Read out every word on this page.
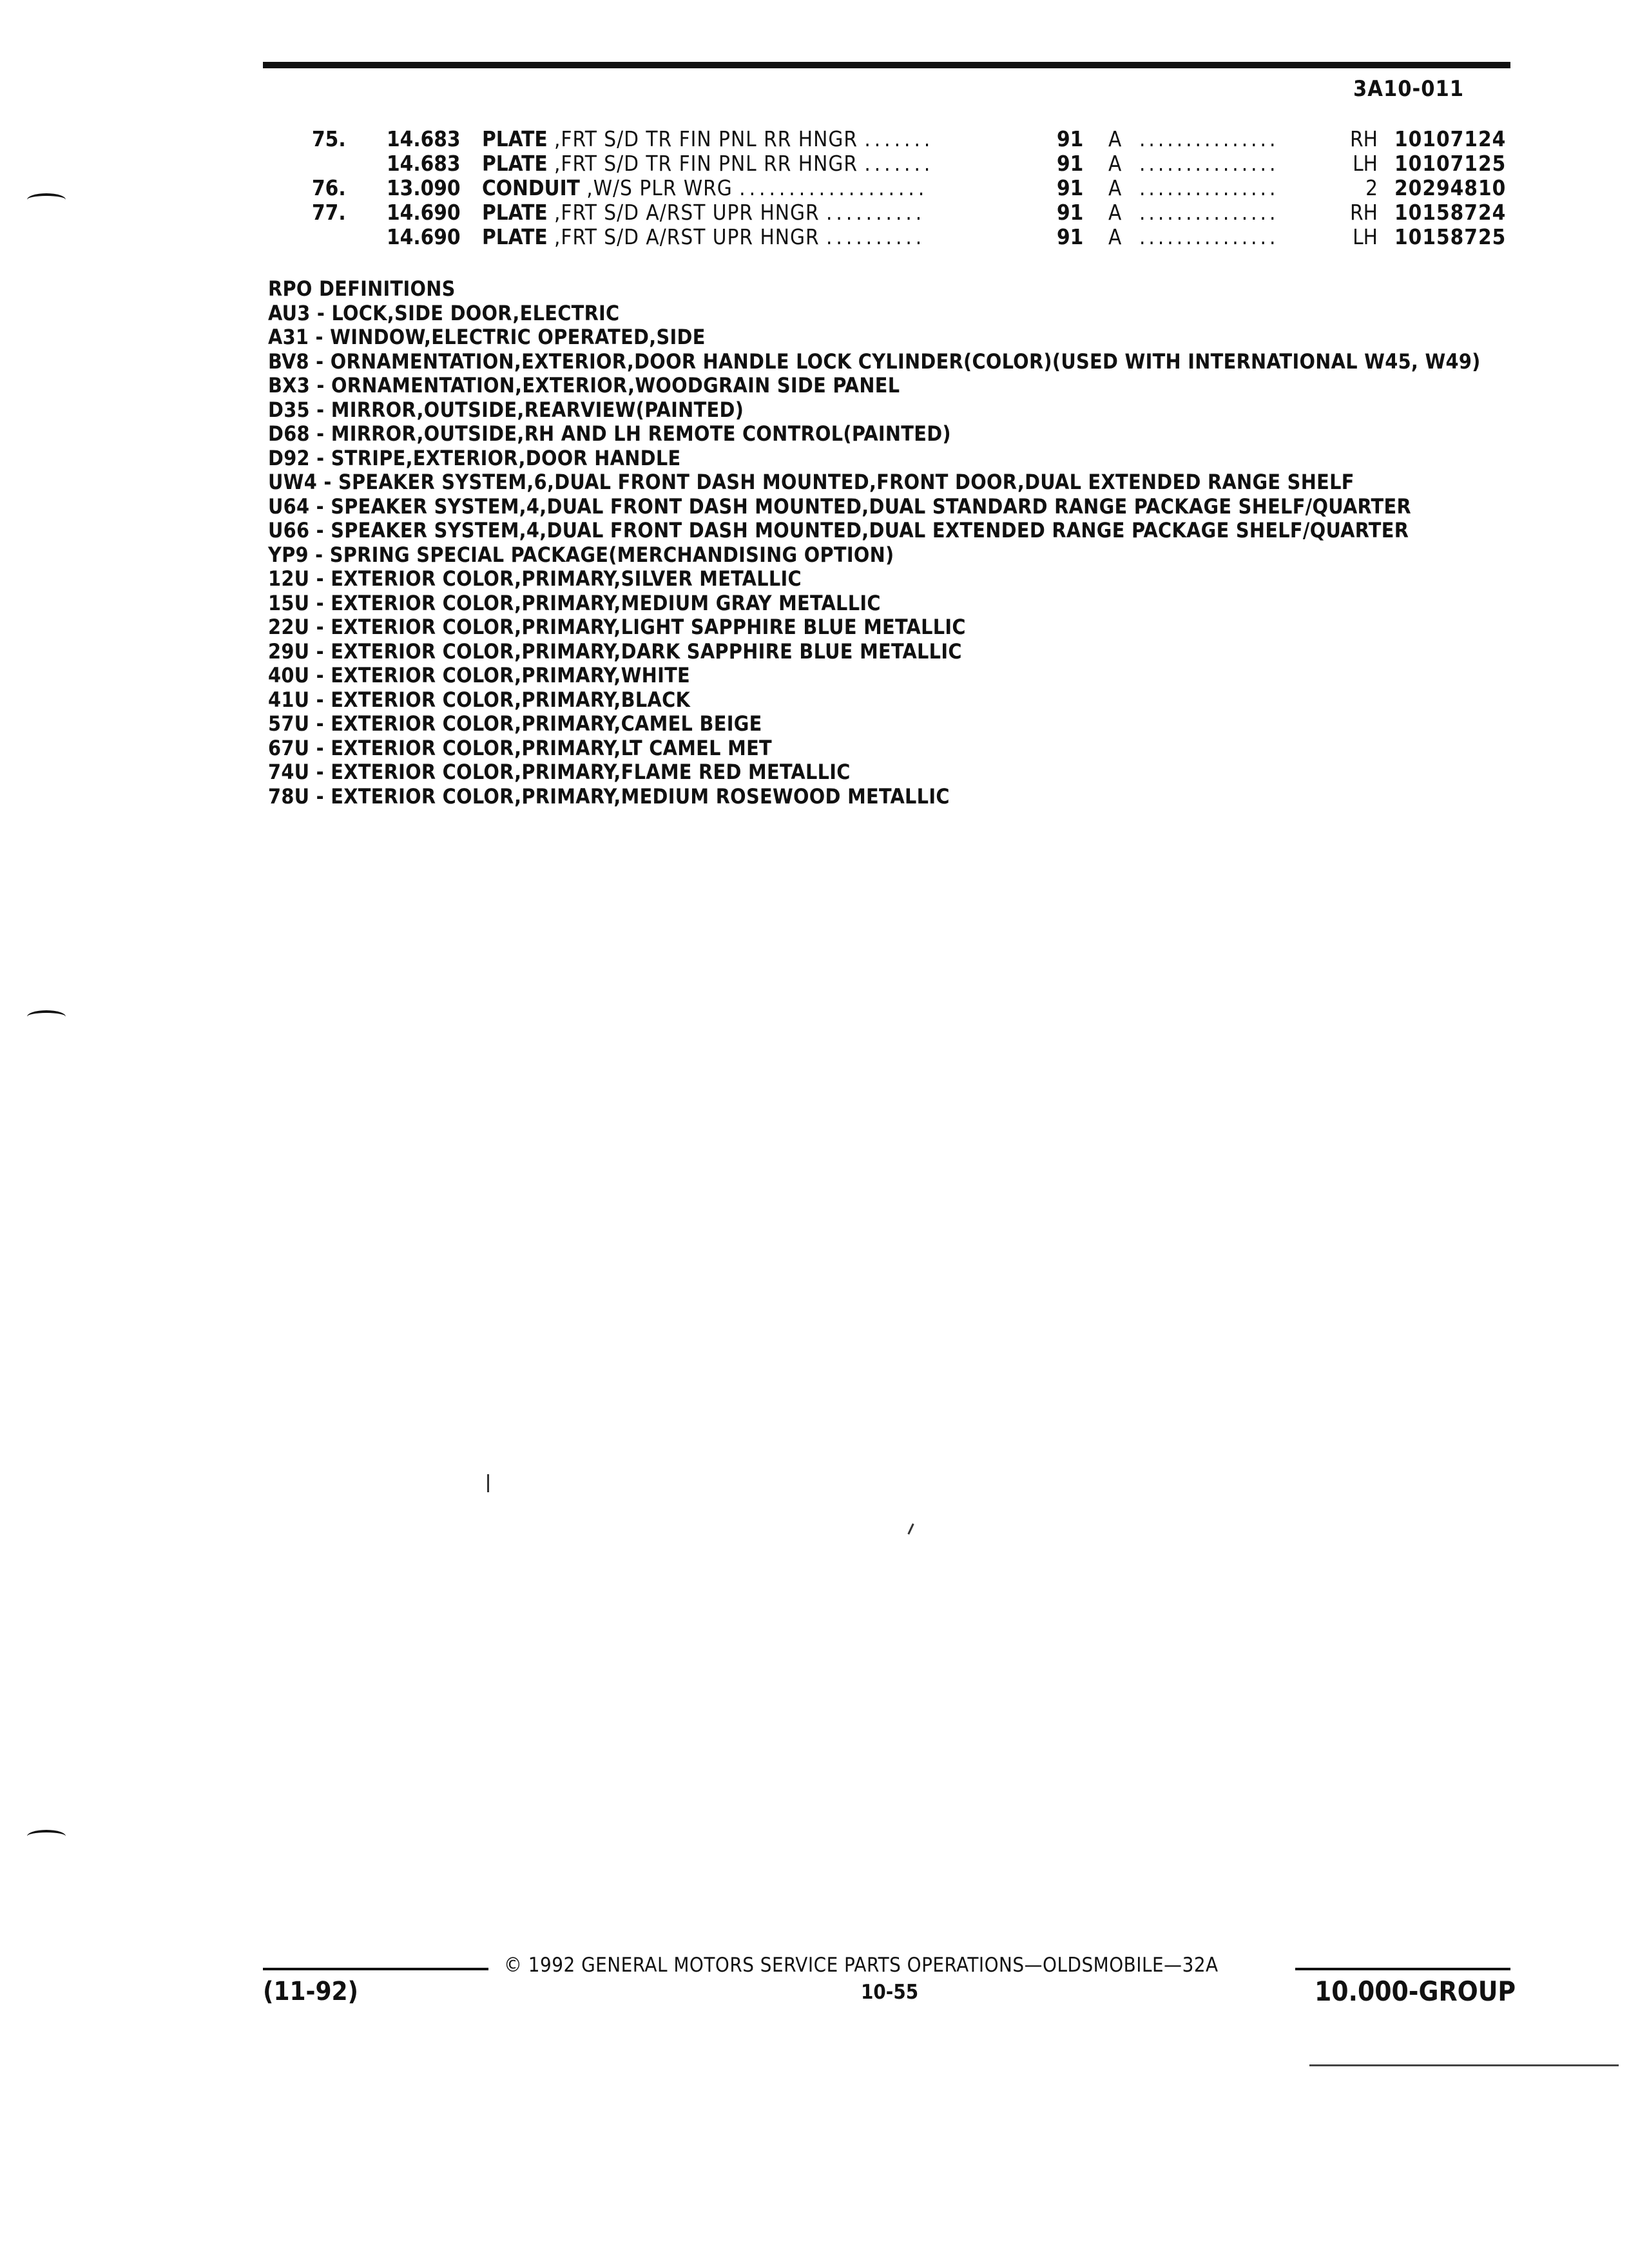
3A10-011
75. 14.683 PLATE ,FRT S/D TR FIN PNL RR HNGR .......	91 A ...............	RH 10107124
14.683 PLATE ,FRT S/D TR FIN PNL RR HNGR .......	91 A ...............	LH 10107125
76. 13.090 CONDUIT ,W/S PLR WRG ...................	91 A ...............	2 20294810
77. 14.690 PLATE ,FRT S/D A/RST UPR HNGR ..........	91 A ...............	RH 10158724
14.690 PLATE ,FRT S/D A/RST UPR HNGR ..........	91 A ...............	LH 10158725
RPO DEFINITIONS
AU3 - LOCK,SIDE DOOR,ELECTRIC
A31 - WINDOW,ELECTRIC OPERATED,SIDE
BV8 - ORNAMENTATION,EXTERIOR,DOOR HANDLE LOCK CYLINDER(COLOR)(USED WITH INTERNATIONAL W45, W49)
BX3 - ORNAMENTATION,EXTERIOR,WOODGRAIN SIDE PANEL
D35 - MIRROR,OUTSIDE,REARVIEW(PAINTED)
D68 - MIRROR,OUTSIDE,RH AND LH REMOTE CONTROL(PAINTED)
D92 - STRIPE,EXTERIOR,DOOR HANDLE
UW4 - SPEAKER SYSTEM,6,DUAL FRONT DASH MOUNTED,FRONT DOOR,DUAL EXTENDED RANGE SHELF
U64 - SPEAKER SYSTEM,4,DUAL FRONT DASH MOUNTED,DUAL STANDARD RANGE PACKAGE SHELF/QUARTER
U66 - SPEAKER SYSTEM,4,DUAL FRONT DASH MOUNTED,DUAL EXTENDED RANGE PACKAGE SHELF/QUARTER
YP9 - SPRING SPECIAL PACKAGE(MERCHANDISING OPTION)
12U - EXTERIOR COLOR,PRIMARY,SILVER METALLIC
15U - EXTERIOR COLOR,PRIMARY,MEDIUM GRAY METALLIC
22U - EXTERIOR COLOR,PRIMARY,LIGHT SAPPHIRE BLUE METALLIC
29U - EXTERIOR COLOR,PRIMARY,DARK SAPPHIRE BLUE METALLIC
40U - EXTERIOR COLOR,PRIMARY,WHITE
41U - EXTERIOR COLOR,PRIMARY,BLACK
57U - EXTERIOR COLOR,PRIMARY,CAMEL BEIGE
67U - EXTERIOR COLOR,PRIMARY,LT CAMEL MET
74U - EXTERIOR COLOR,PRIMARY,FLAME RED METALLIC
78U - EXTERIOR COLOR,PRIMARY,MEDIUM ROSEWOOD METALLIC
© 1992 GENERAL MOTORS SERVICE PARTS OPERATIONS—OLDSMOBILE—32A
(11-92)	10-55	10.000-GROUP
